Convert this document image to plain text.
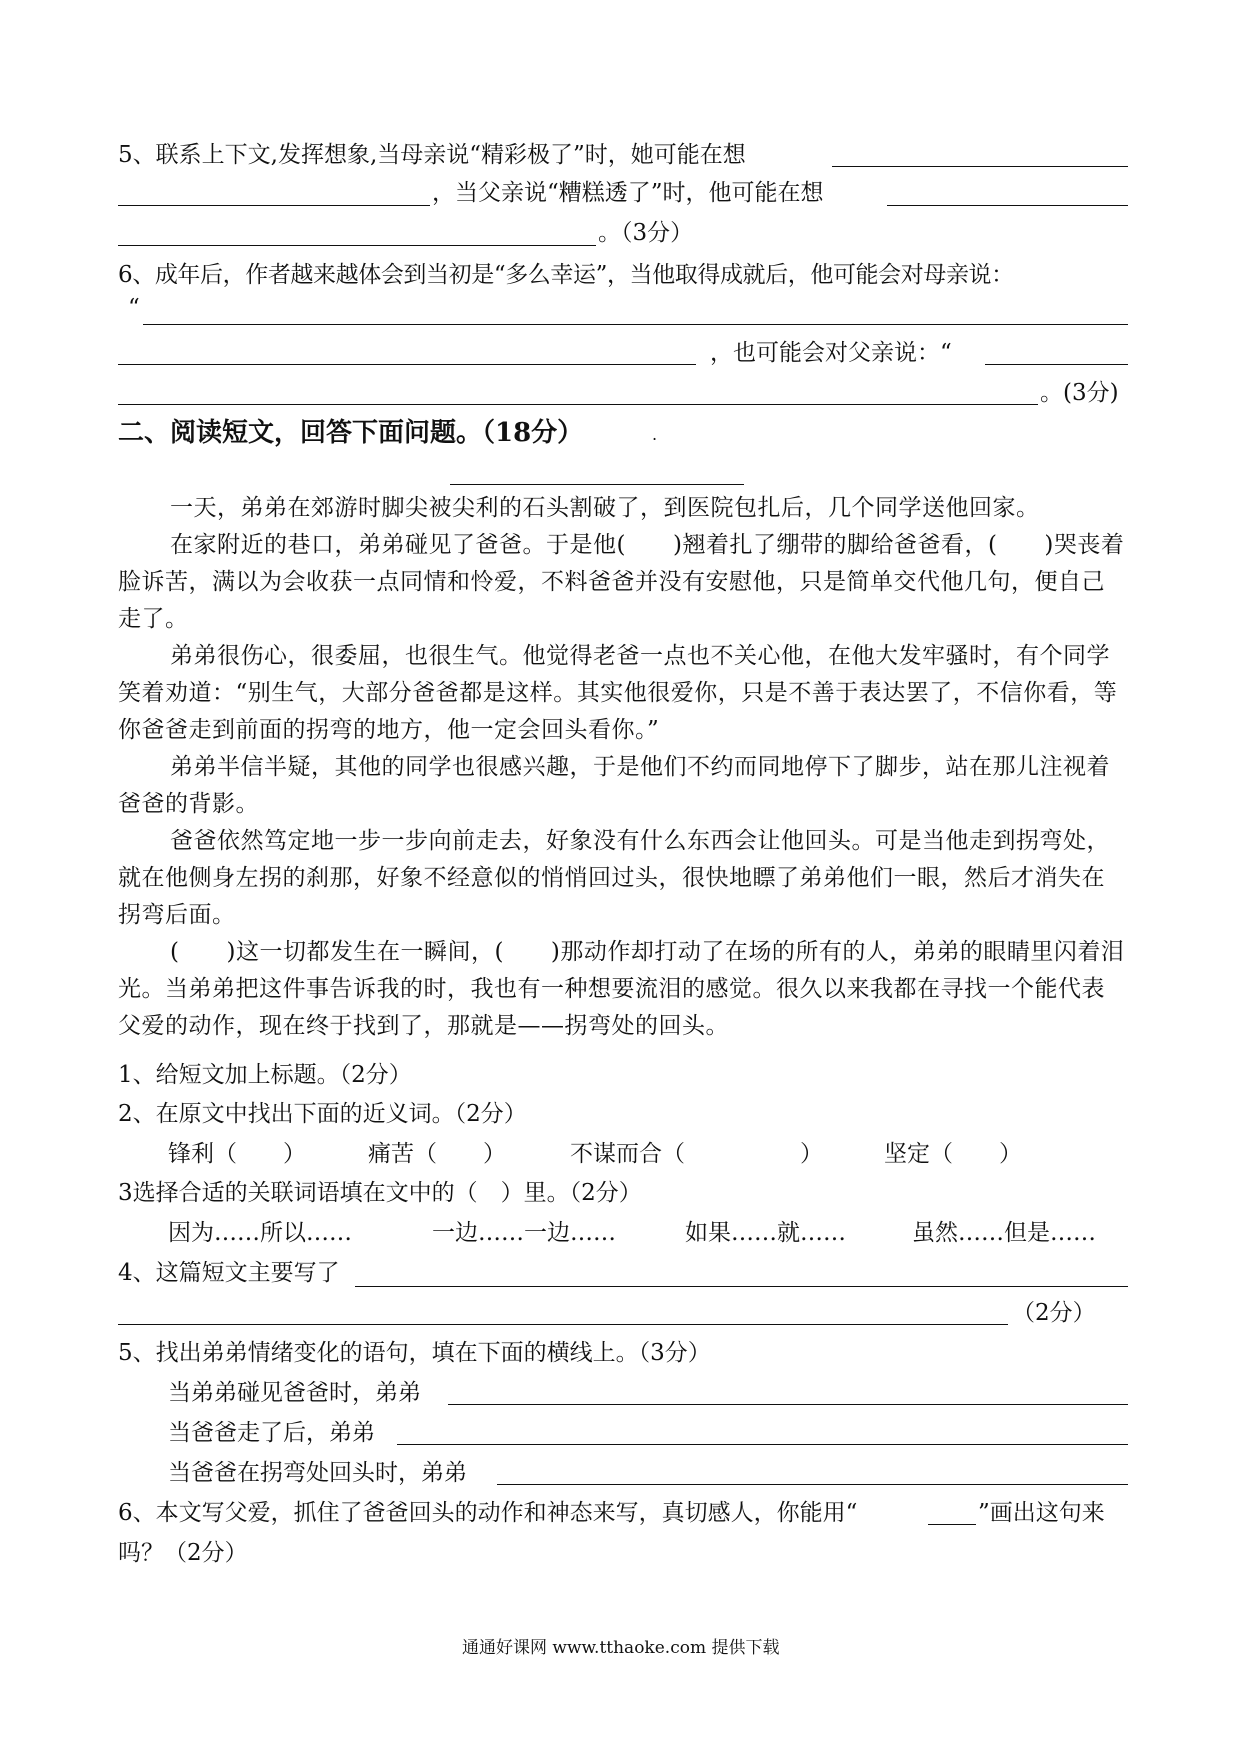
5、联系上下文,发挥想象,当母亲说“精彩极了”时，她可能在想
，当父亲说“糟糕透了”时，他可能在想
。（3分）
6、成年后，作者越来越体会到当初是“多么幸运”，当他取得成就后，他可能会对母亲说：
“
，也可能会对父亲说：“
。(3分)
二、阅读短文，回答下面问题。（18分）	.
一天，弟弟在郊游时脚尖被尖利的石头割破了，到医院包扎后，几个同学送他回家。
在家附近的巷口，弟弟碰见了爸爸。于是他(　　)翘着扎了绷带的脚给爸爸看，(　　)哭丧着脸诉苦，满以为会收获一点同情和怜爱，不料爸爸并没有安慰他，只是简单交代他几句，便自己走了。
弟弟很伤心，很委屈，也很生气。他觉得老爸一点也不关心他，在他大发牢骚时，有个同学笑着劝道：“别生气，大部分爸爸都是这样。其实他很爱你，只是不善于表达罢了，不信你看，等你爸爸走到前面的拐弯的地方，他一定会回头看你。”
弟弟半信半疑，其他的同学也很感兴趣，于是他们不约而同地停下了脚步，站在那儿注视着爸爸的背影。
爸爸依然笃定地一步一步向前走去，好象没有什么东西会让他回头。可是当他走到拐弯处，就在他侧身左拐的刹那，好象不经意似的悄悄回过头，很快地瞟了弟弟他们一眼，然后才消失在拐弯后面。
(　　)这一切都发生在一瞬间，(　　)那动作却打动了在场的所有的人，弟弟的眼睛里闪着泪光。当弟弟把这件事告诉我的时，我也有一种想要流泪的感觉。很久以来我都在寻找一个能代表父爱的动作，现在终于找到了，那就是——拐弯处的回头。
1、给短文加上标题。（2分）
2、在原文中找出下面的近义词。（2分）
锋利（　　）	痛苦（　　）	不谋而合（　　　　　）	坚定（　　）
3选择合适的关联词语填在文中的（　）里。（2分）
因为……所以……	一边……一边……	如果……就……	虽然……但是……
4、这篇短文主要写了
（2分）
5、找出弟弟情绪变化的语句，填在下面的横线上。（3分）
当弟弟碰见爸爸时，弟弟
当爸爸走了后，弟弟
当爸爸在拐弯处回头时，弟弟
6、本文写父爱，抓住了爸爸回头的动作和神态来写，真切感人，你能用“	”画出这句来
吗？（2分）
通通好课网 www.tthaoke.com 提供下载
